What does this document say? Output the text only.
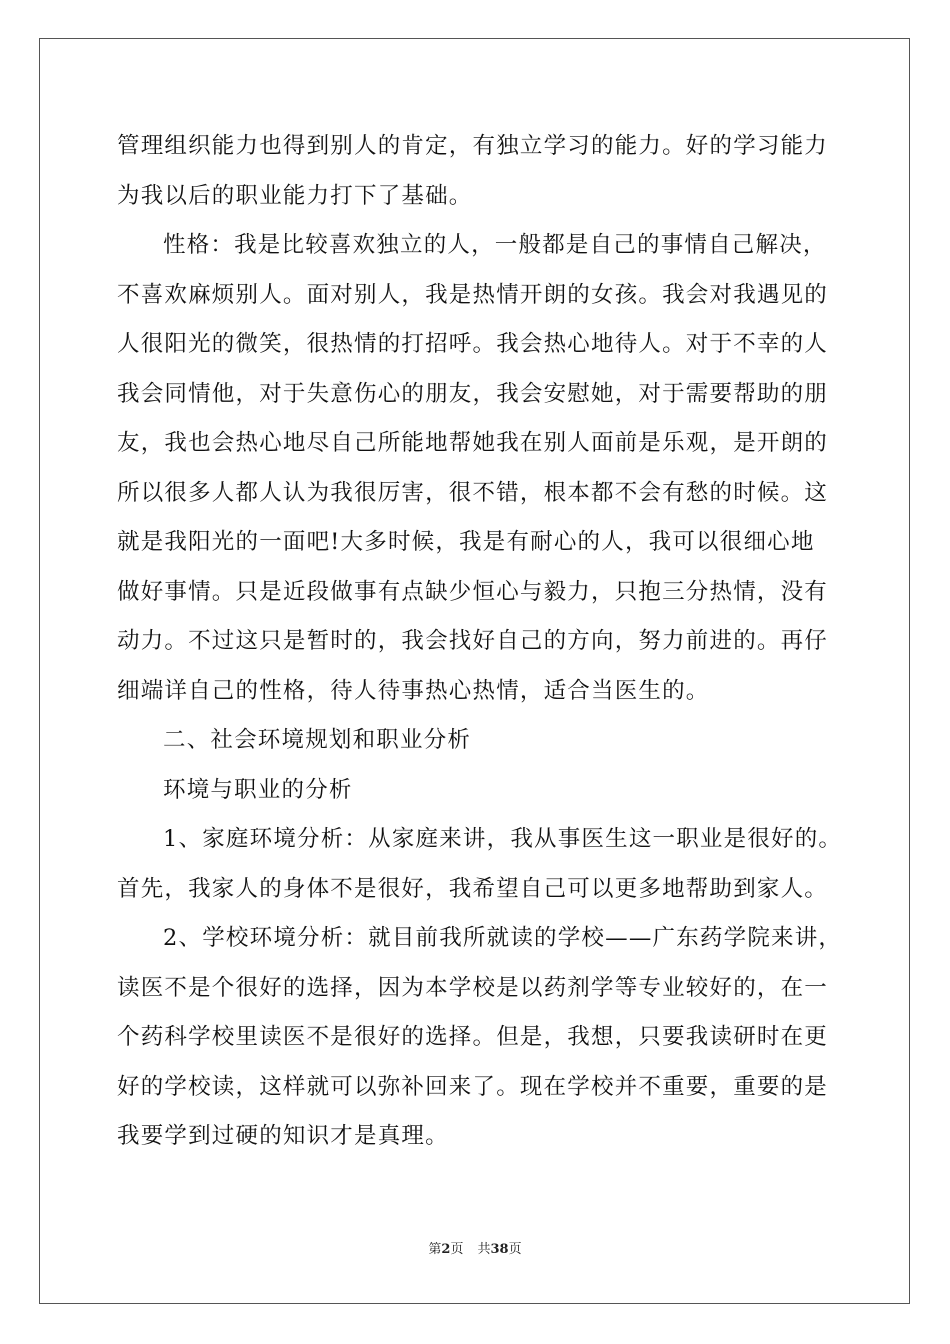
管理组织能力也得到别人的肯定，有独立学习的能力。好的学习能力
为我以后的职业能力打下了基础。
性格：我是比较喜欢独立的人，一般都是自己的事情自己解决，
不喜欢麻烦别人。面对别人，我是热情开朗的女孩。我会对我遇见的
人很阳光的微笑，很热情的打招呼。我会热心地待人。对于不幸的人
我会同情他，对于失意伤心的朋友，我会安慰她，对于需要帮助的朋
友，我也会热心地尽自己所能地帮她我在别人面前是乐观，是开朗的
所以很多人都人认为我很厉害，很不错，根本都不会有愁的时候。这
就是我阳光的一面吧!大多时候，我是有耐心的人，我可以很细心地
做好事情。只是近段做事有点缺少恒心与毅力，只抱三分热情，没有
动力。不过这只是暂时的，我会找好自己的方向，努力前进的。再仔
细端详自己的性格，待人待事热心热情，适合当医生的。
二、社会环境规划和职业分析
环境与职业的分析
1、家庭环境分析：从家庭来讲，我从事医生这一职业是很好的。
首先，我家人的身体不是很好，我希望自己可以更多地帮助到家人。
2、学校环境分析：就目前我所就读的学校——广东药学院来讲，
读医不是个很好的选择，因为本学校是以药剂学等专业较好的，在一
个药科学校里读医不是很好的选择。但是，我想，只要我读研时在更
好的学校读，这样就可以弥补回来了。现在学校并不重要，重要的是
我要学到过硬的知识才是真理。
第2页 共38页
